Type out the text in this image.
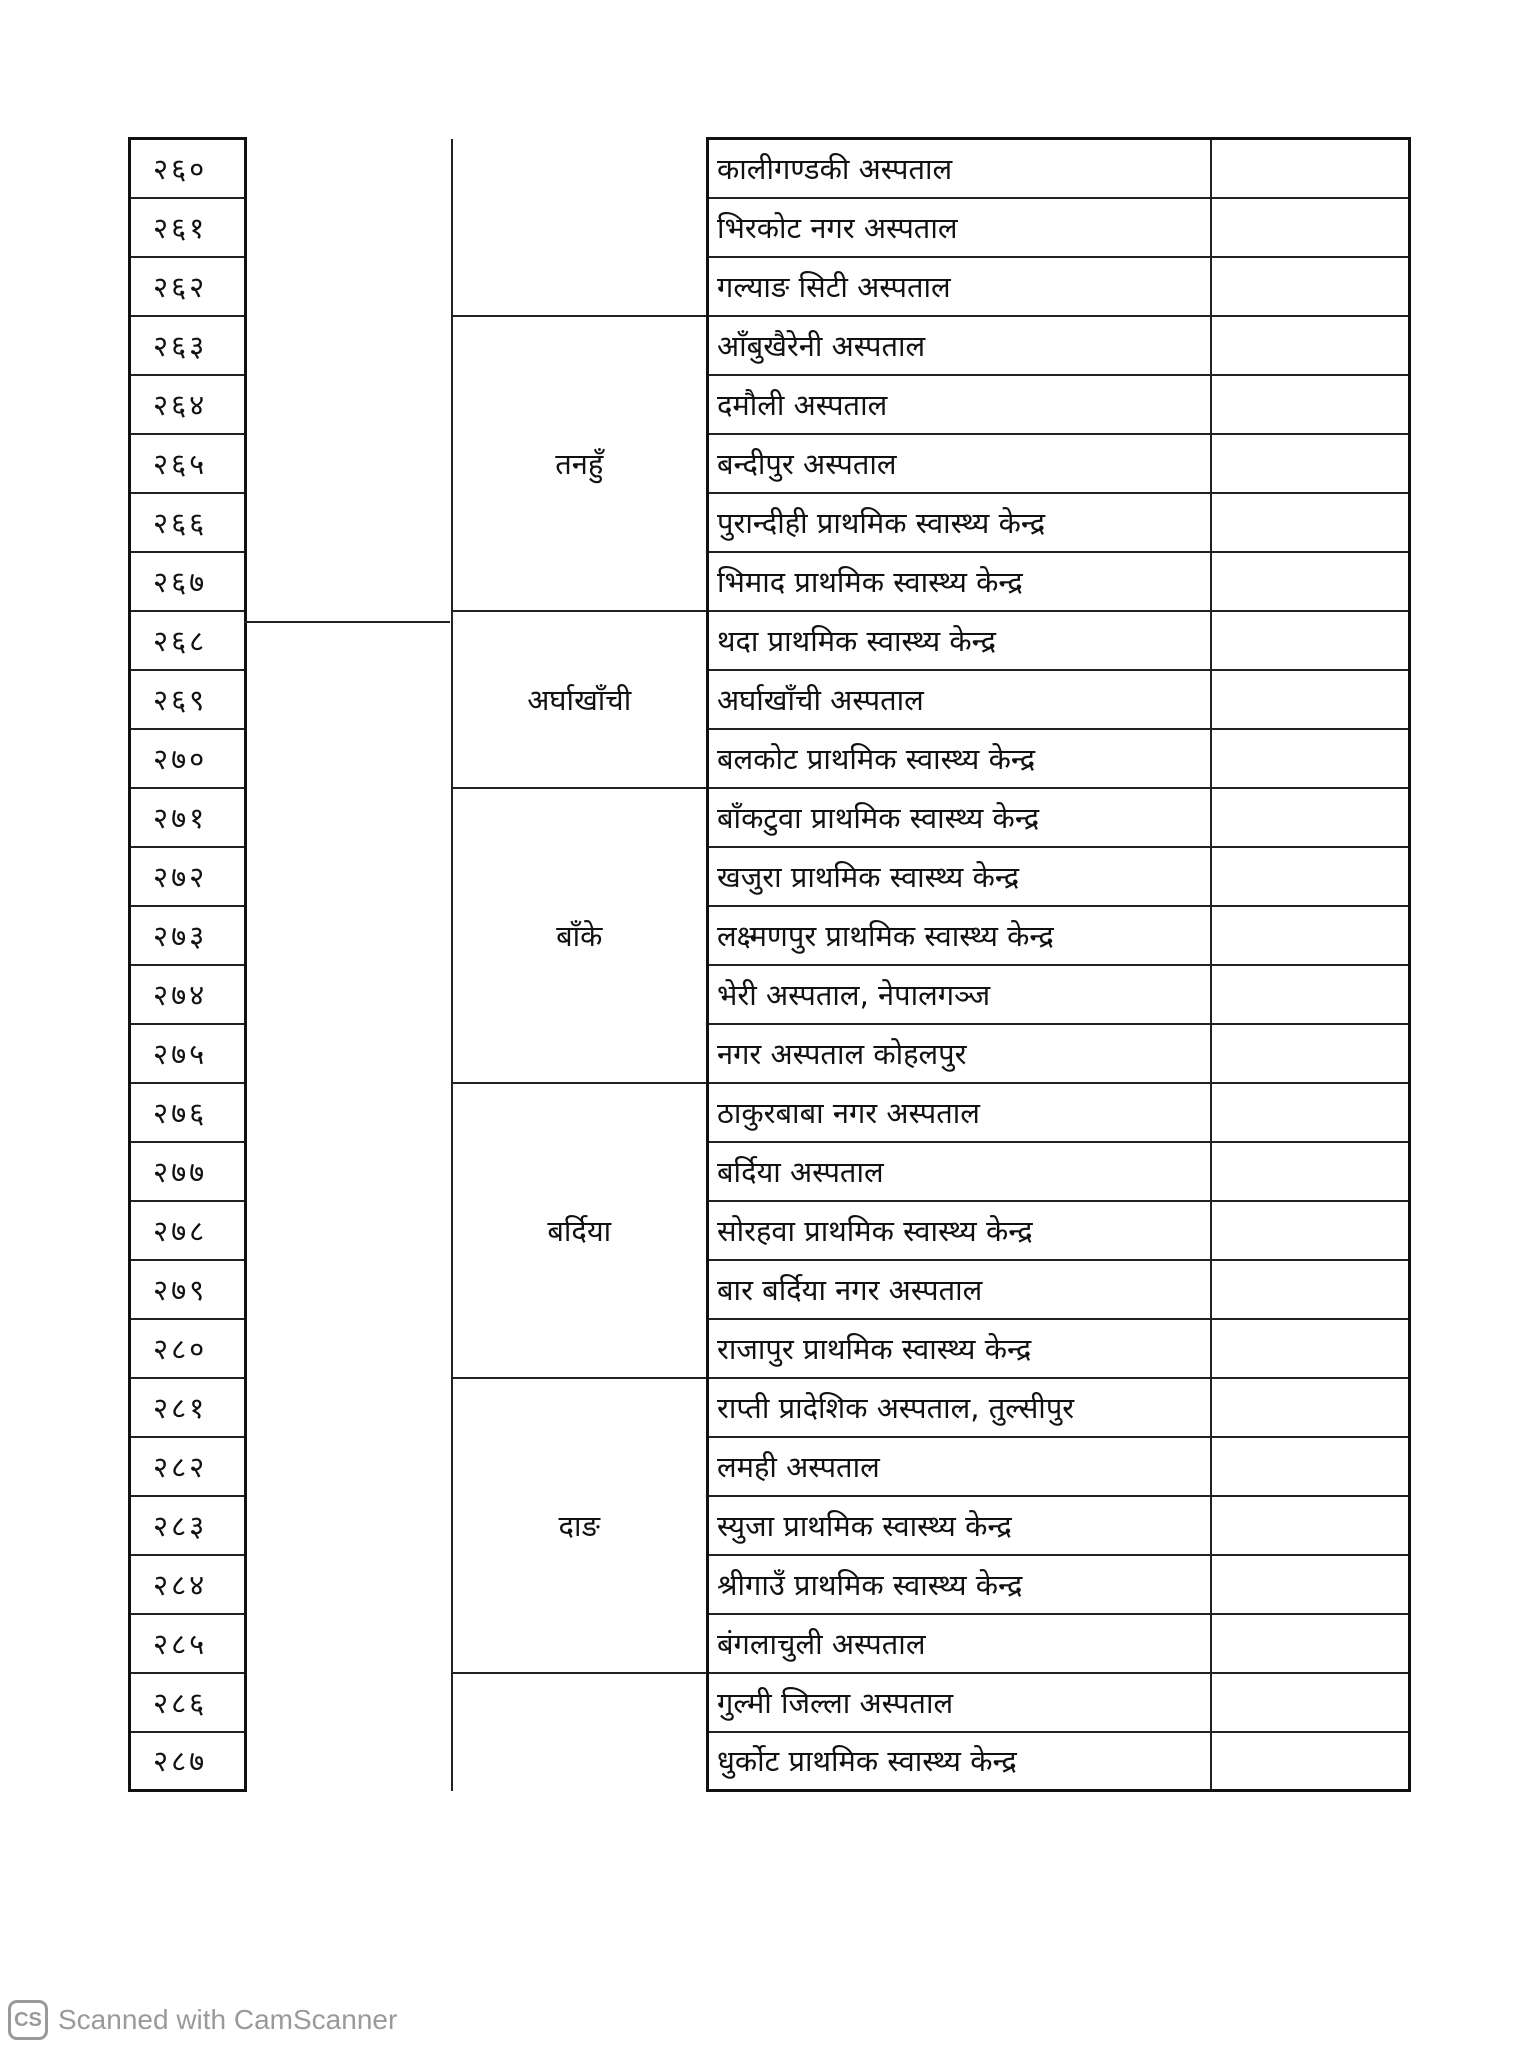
२६०			कालीगण्डकी अस्पताल	
२६१			भिरकोट नगर अस्पताल	
२६२			गल्याङ सिटी अस्पताल	
२६३		तनहुँ	आँबुखैरेनी अस्पताल	
२६४			दमौली अस्पताल	
२६५			बन्दीपुर अस्पताल	
२६६			पुरान्दीही प्राथमिक स्वास्थ्य केन्द्र	
२६७			भिमाद प्राथमिक स्वास्थ्य केन्द्र	
२६८		अर्घाखाँची	थदा प्राथमिक स्वास्थ्य केन्द्र	
२६९			अर्घाखाँची अस्पताल	
२७०			बलकोट प्राथमिक स्वास्थ्य केन्द्र	
२७१		बाँके	बाँकटुवा प्राथमिक स्वास्थ्य केन्द्र	
२७२			खजुरा प्राथमिक स्वास्थ्य केन्द्र	
२७३			लक्ष्मणपुर प्राथमिक स्वास्थ्य केन्द्र	
२७४			भेरी अस्पताल, नेपालगञ्ज	
२७५			नगर अस्पताल कोहलपुर	
२७६		बर्दिया	ठाकुरबाबा नगर अस्पताल	
२७७			बर्दिया अस्पताल	
२७८			सोरहवा प्राथमिक स्वास्थ्य केन्द्र	
२७९			बार बर्दिया नगर अस्पताल	
२८०			राजापुर प्राथमिक स्वास्थ्य केन्द्र	
२८१		दाङ	राप्ती प्रादेशिक अस्पताल, तुल्सीपुर	
२८२			लमही अस्पताल	
२८३			स्युजा प्राथमिक स्वास्थ्य केन्द्र	
२८४			श्रीगाउँ प्राथमिक स्वास्थ्य केन्द्र	
२८५			बंगलाचुली अस्पताल	
२८६			गुल्मी जिल्ला अस्पताल	
२८७			धुर्कोट प्राथमिक स्वास्थ्य केन्द्र	
CS Scanned with CamScanner
